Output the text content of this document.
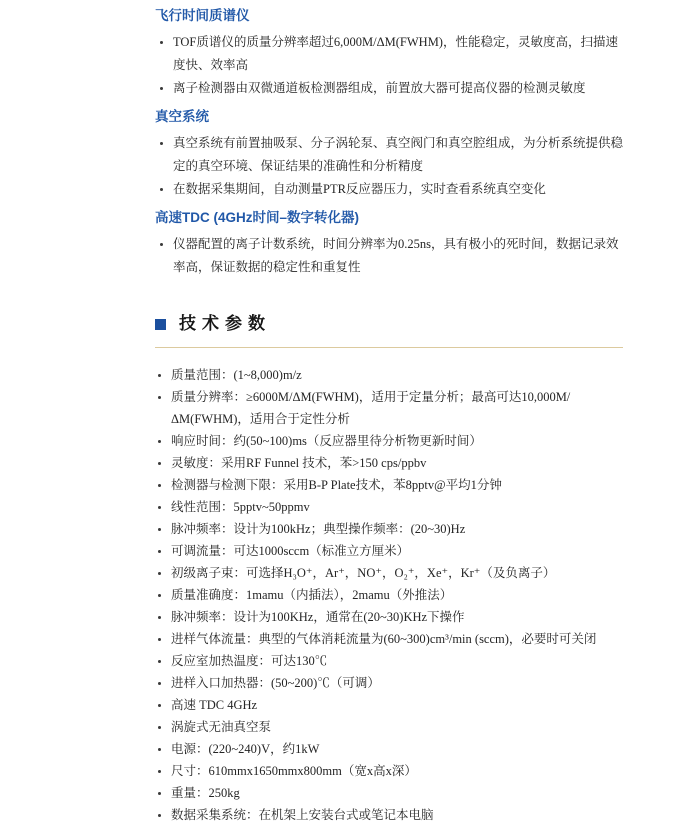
飞行时间质谱仪
TOF质谱仪的质量分辨率超过6,000M/ΔM(FWHM)，性能稳定，灵敏度高，扫描速度快、效率高
离子检测器由双微通道板检测器组成，前置放大器可提高仪器的检测灵敏度
真空系统
真空系统有前置抽吸泵、分子涡轮泵、真空阀门和真空腔组成，为分析系统提供稳定的真空环境、保证结果的准确性和分析精度
在数据采集期间，自动测量PTR反应器压力，实时查看系统真空变化
高速TDC (4GHz时间–数字转化器)
仪器配置的离子计数系统，时间分辨率为0.25ns，具有极小的死时间，数据记录效率高，保证数据的稳定性和重复性
技术参数
质量范围：(1~8,000)m/z
质量分辨率：≥6000M/ΔM(FWHM)，适用于定量分析；最高可达10,000M/ΔM(FWHM)，适用合于定性分析
响应时间：约(50~100)ms（反应器里待分析物更新时间）
灵敏度：采用RF Funnel 技术，苯>150 cps/ppbv
检测器与检测下限：采用B-P Plate技术，苯8pptv@平均1分钟
线性范围：5pptv~50ppmv
脉冲频率：设计为100kHz；典型操作频率：(20~30)Hz
可调流量：可达1000sccm（标准立方厘米）
初级离子束：可选择H₃O⁺，Ar⁺，NO⁺，O₂⁺，Xe⁺，Kr⁺（及负离子）
质量准确度：1mamu（内插法），2mamu（外推法）
脉冲频率：设计为100KHz，通常在(20~30)KHz下操作
进样气体流量：典型的气体消耗流量为(60~300)cm³/min (sccm)，必要时可关闭
反应室加热温度：可达130℃
进样入口加热器：(50~200)℃（可调）
高速 TDC 4GHz
涡旋式无油真空泵
电源：(220~240)V，约1kW
尺寸：610mmx1650mmx800mm（宽x高x深）
重量：250kg
数据采集系统：在机架上安装台式或笔记本电脑
